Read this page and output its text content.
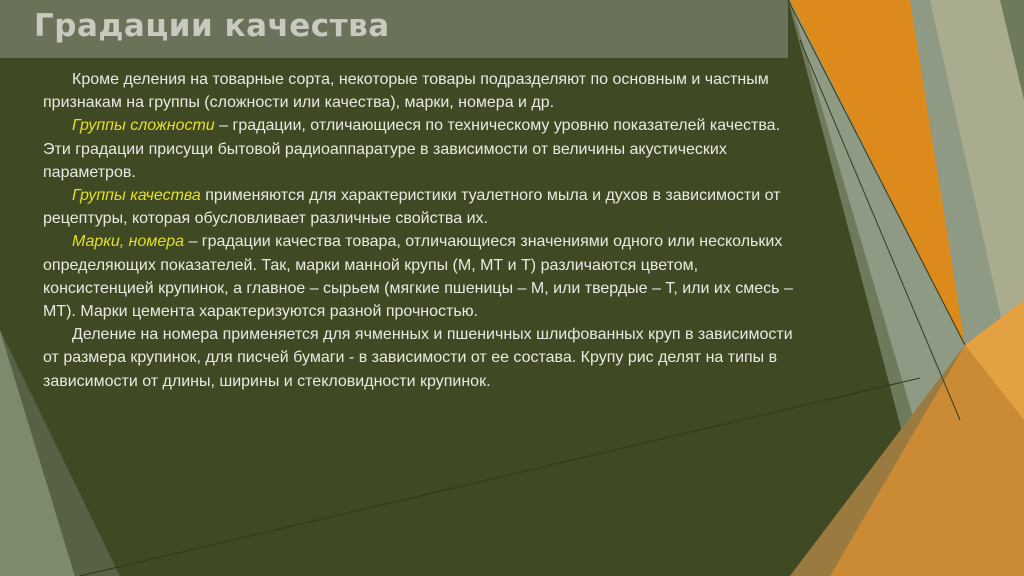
Градации качества

Кроме деления на товарные сорта, некоторые товары подразделяют по основным и частным признакам на группы (сложности или качества), марки, номера и др.

Группы сложности – градации, отличающиеся по техническому уровню показателей качества. Эти градации присущи бытовой радиоаппаратуре в зависимости от величины акустических параметров.

Группы качества применяются для характеристики туалетного мыла и духов в зависимости от рецептуры, которая обусловливает различные свойства их.

Марки, номера – градации качества товара, отличающиеся значениями одного или нескольких определяющих показателей. Так, марки манной крупы (М, МТ и Т) различаются цветом, консистенцией крупинок, а главное – сырьем (мягкие пшеницы – М, или твердые – Т, или их смесь – МТ). Марки цемента характеризуются разной прочностью.

Деление на номера применяется для ячменных и пшеничных шлифованных круп в зависимости от размера крупинок, для писчей бумаги - в зависимости от ее состава. Крупу рис делят на типы в зависимости от длины, ширины и стекловидности крупинок.
